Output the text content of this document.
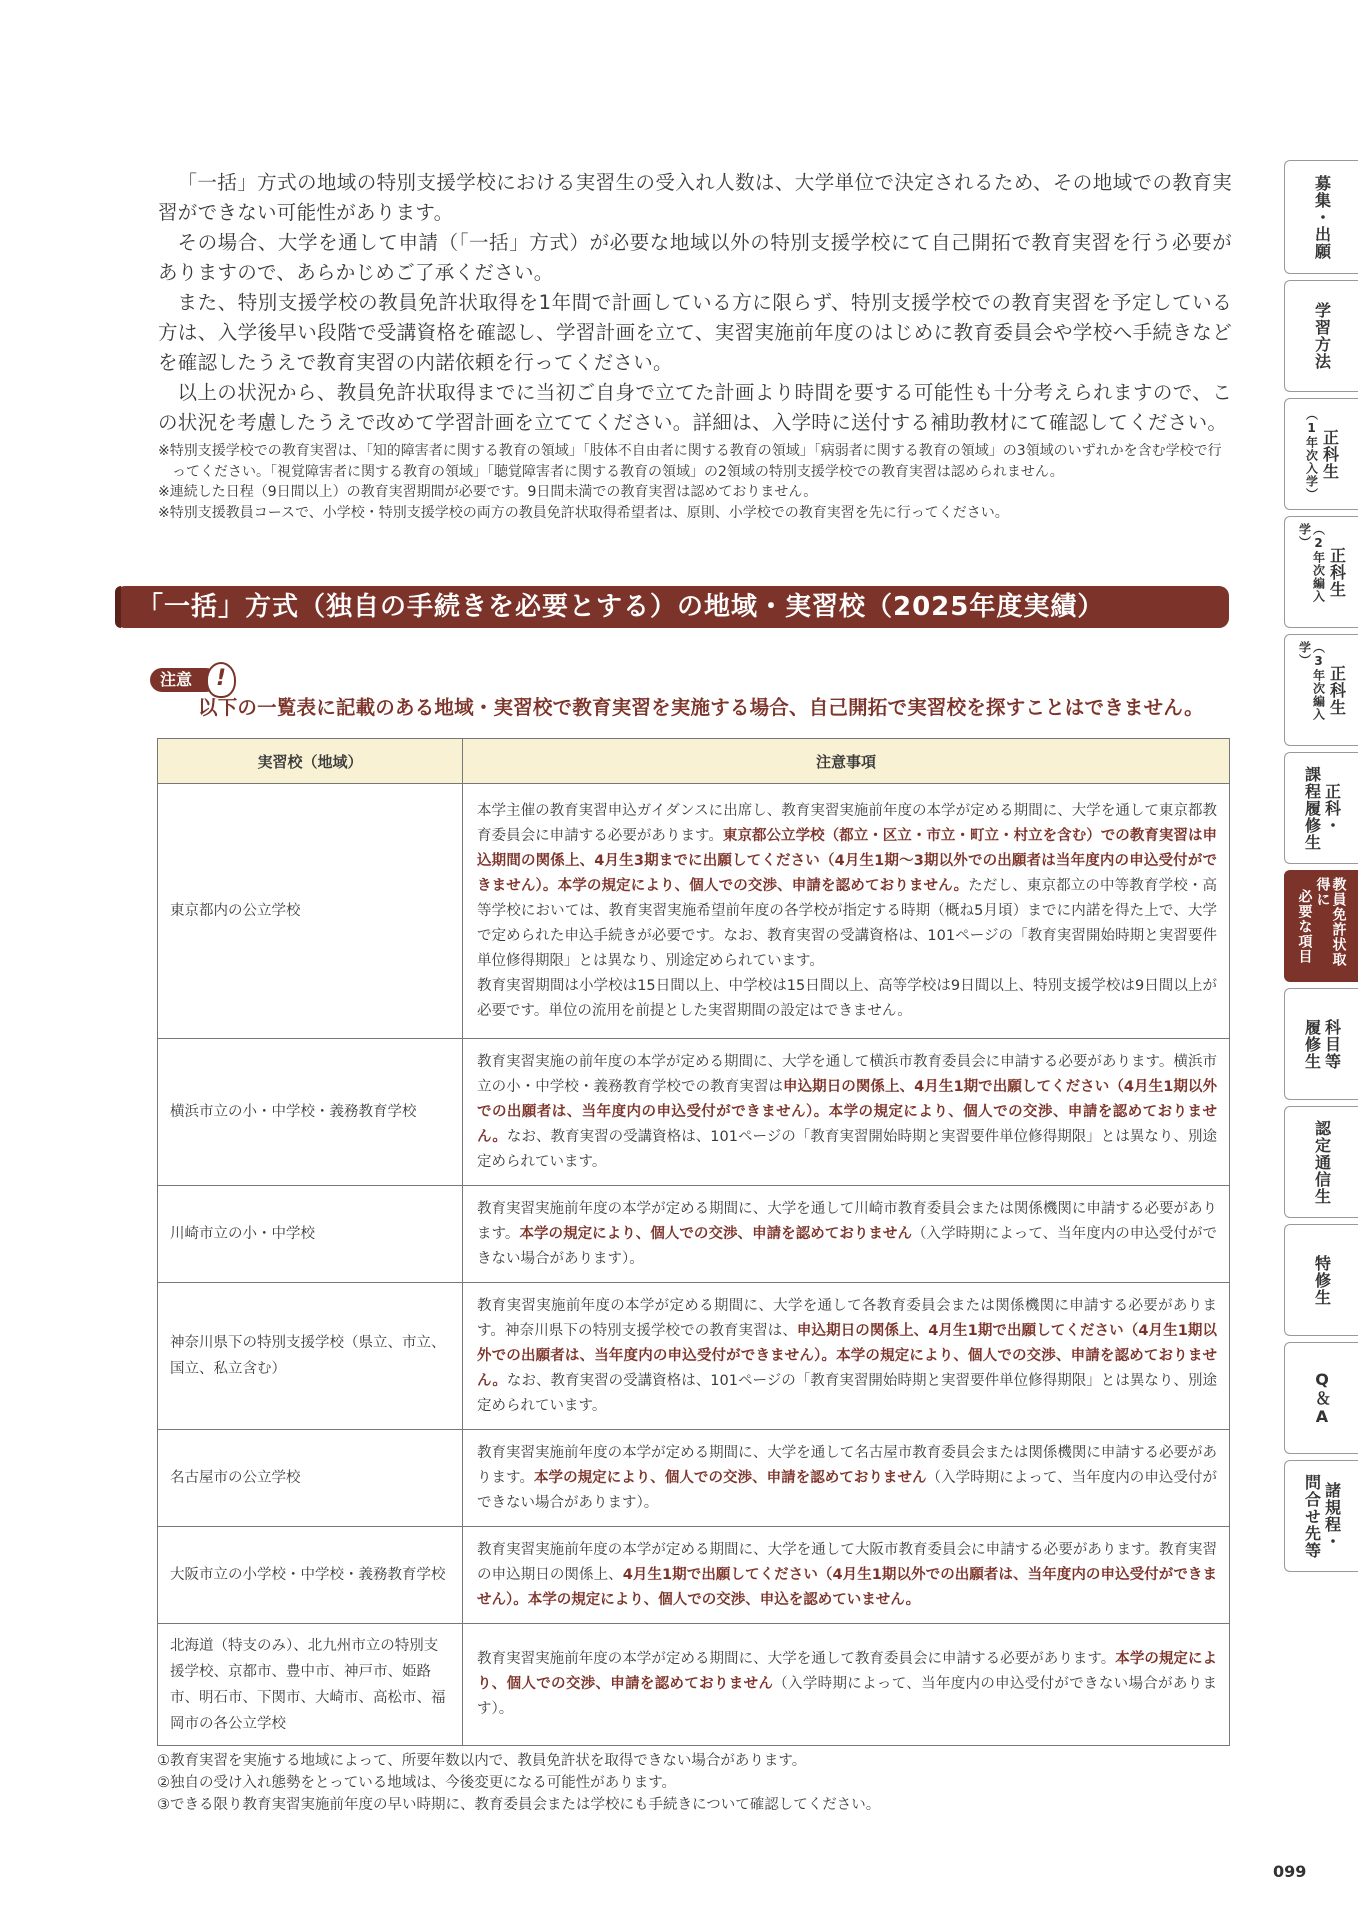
「一括」方式の地域の特別支援学校における実習生の受入れ人数は、大学単位で決定されるため、その地域での教育実習ができない可能性があります。

その場合、大学を通して申請（「一括」方式）が必要な地域以外の特別支援学校にて自己開拓で教育実習を行う必要がありますので、あらかじめご了承ください。

また、特別支援学校の教員免許状取得を1年間で計画している方に限らず、特別支援学校での教育実習を予定している方は、入学後早い段階で受講資格を確認し、学習計画を立て、実習実施前年度のはじめに教育委員会や学校へ手続きなどを確認したうえで教育実習の内諾依頼を行ってください。

以上の状況から、教員免許状取得までに当初ご自身で立てた計画より時間を要する可能性も十分考えられますので、この状況を考慮したうえで改めて学習計画を立ててください。詳細は、入学時に送付する補助教材にて確認してください。

※特別支援学校での教育実習は、「知的障害者に関する教育の領域」「肢体不自由者に関する教育の領域」「病弱者に関する教育の領域」の3領域のいずれかを含む学校で行ってください。「視覚障害者に関する教育の領域」「聴覚障害者に関する教育の領域」の2領域の特別支援学校での教育実習は認められません。
※連続した日程（9日間以上）の教育実習期間が必要です。9日間未満での教育実習は認めておりません。
※特別支援教員コースで、小学校・特別支援学校の両方の教員免許状取得希望者は、原則、小学校での教育実習を先に行ってください。
「一括」方式（独自の手続きを必要とする）の地域・実習校（2025年度実績）
注意	!
以下の一覧表に記載のある地域・実習校で教育実習を実施する場合、自己開拓で実習校を探すことはできません。
実習校（地域）	注意事項
東京都内の公立学校	本学主催の教育実習申込ガイダンスに出席し、教育実習実施前年度の本学が定める期間に、大学を通して東京都教育委員会に申請する必要があります。東京都公立学校（都立・区立・市立・町立・村立を含む）での教育実習は申込期間の関係上、4月生3期までに出願してください（4月生1期〜3期以外での出願者は当年度内の申込受付ができません）。本学の規定により、個人での交渉、申請を認めておりません。ただし、東京都立の中等教育学校・高等学校においては、教育実習実施希望前年度の各学校が指定する時期（概ね5月頃）までに内諾を得た上で、大学で定められた申込手続きが必要です。なお、教育実習の受講資格は、101ページの「教育実習開始時期と実習要件単位修得期限」とは異なり、別途定められています。
教育実習期間は小学校は15日間以上、中学校は15日間以上、高等学校は9日間以上、特別支援学校は9日間以上が必要です。単位の流用を前提とした実習期間の設定はできません。
横浜市立の小・中学校・義務教育学校	教育実習実施の前年度の本学が定める期間に、大学を通して横浜市教育委員会に申請する必要があります。横浜市立の小・中学校・義務教育学校での教育実習は申込期日の関係上、4月生1期で出願してください（4月生1期以外での出願者は、当年度内の申込受付ができません）。本学の規定により、個人での交渉、申請を認めておりません。なお、教育実習の受講資格は、101ページの「教育実習開始時期と実習要件単位修得期限」とは異なり、別途定められています。
川崎市立の小・中学校	教育実習実施前年度の本学が定める期間に、大学を通して川崎市教育委員会または関係機関に申請する必要があります。本学の規定により、個人での交渉、申請を認めておりません（入学時期によって、当年度内の申込受付ができない場合があります）。
神奈川県下の特別支援学校（県立、市立、国立、私立含む）	教育実習実施前年度の本学が定める期間に、大学を通して各教育委員会または関係機関に申請する必要があります。神奈川県下の特別支援学校での教育実習は、申込期日の関係上、4月生1期で出願してください（4月生1期以外での出願者は、当年度内の申込受付ができません）。本学の規定により、個人での交渉、申請を認めておりません。なお、教育実習の受講資格は、101ページの「教育実習開始時期と実習要件単位修得期限」とは異なり、別途定められています。
名古屋市の公立学校	教育実習実施前年度の本学が定める期間に、大学を通して名古屋市教育委員会または関係機関に申請する必要があります。本学の規定により、個人での交渉、申請を認めておりません（入学時期によって、当年度内の申込受付ができない場合があります）。
大阪市立の小学校・中学校・義務教育学校	教育実習実施前年度の本学が定める期間に、大学を通して大阪市教育委員会に申請する必要があります。教育実習の申込期日の関係上、4月生1期で出願してください（4月生1期以外での出願者は、当年度内の申込受付ができません）。本学の規定により、個人での交渉、申込を認めていません。
北海道（特支のみ）、北九州市立の特別支援学校、京都市、豊中市、神戸市、姫路市、明石市、下関市、大崎市、高松市、福岡市の各公立学校	教育実習実施前年度の本学が定める期間に、大学を通して教育委員会に申請する必要があります。本学の規定により、個人での交渉、申請を認めておりません（入学時期によって、当年度内の申込受付ができない場合があります）。
①教育実習を実施する地域によって、所要年数以内で、教員免許状を取得できない場合があります。
②独自の受け入れ態勢をとっている地域は、今後変更になる可能性があります。
③できる限り教育実習実施前年度の早い時期に、教育委員会または学校にも手続きについて確認してください。
099
募集・出願
学習方法
正科生
（1年次入学）
正科生
（2年次編入学）
正科生
（3年次編入学）
正科・
課程履修生
教員免許状取得に
必要な項目
科目等
履修生
認定通信生
特修生
Q＆A
諸規程・
問合せ先等
